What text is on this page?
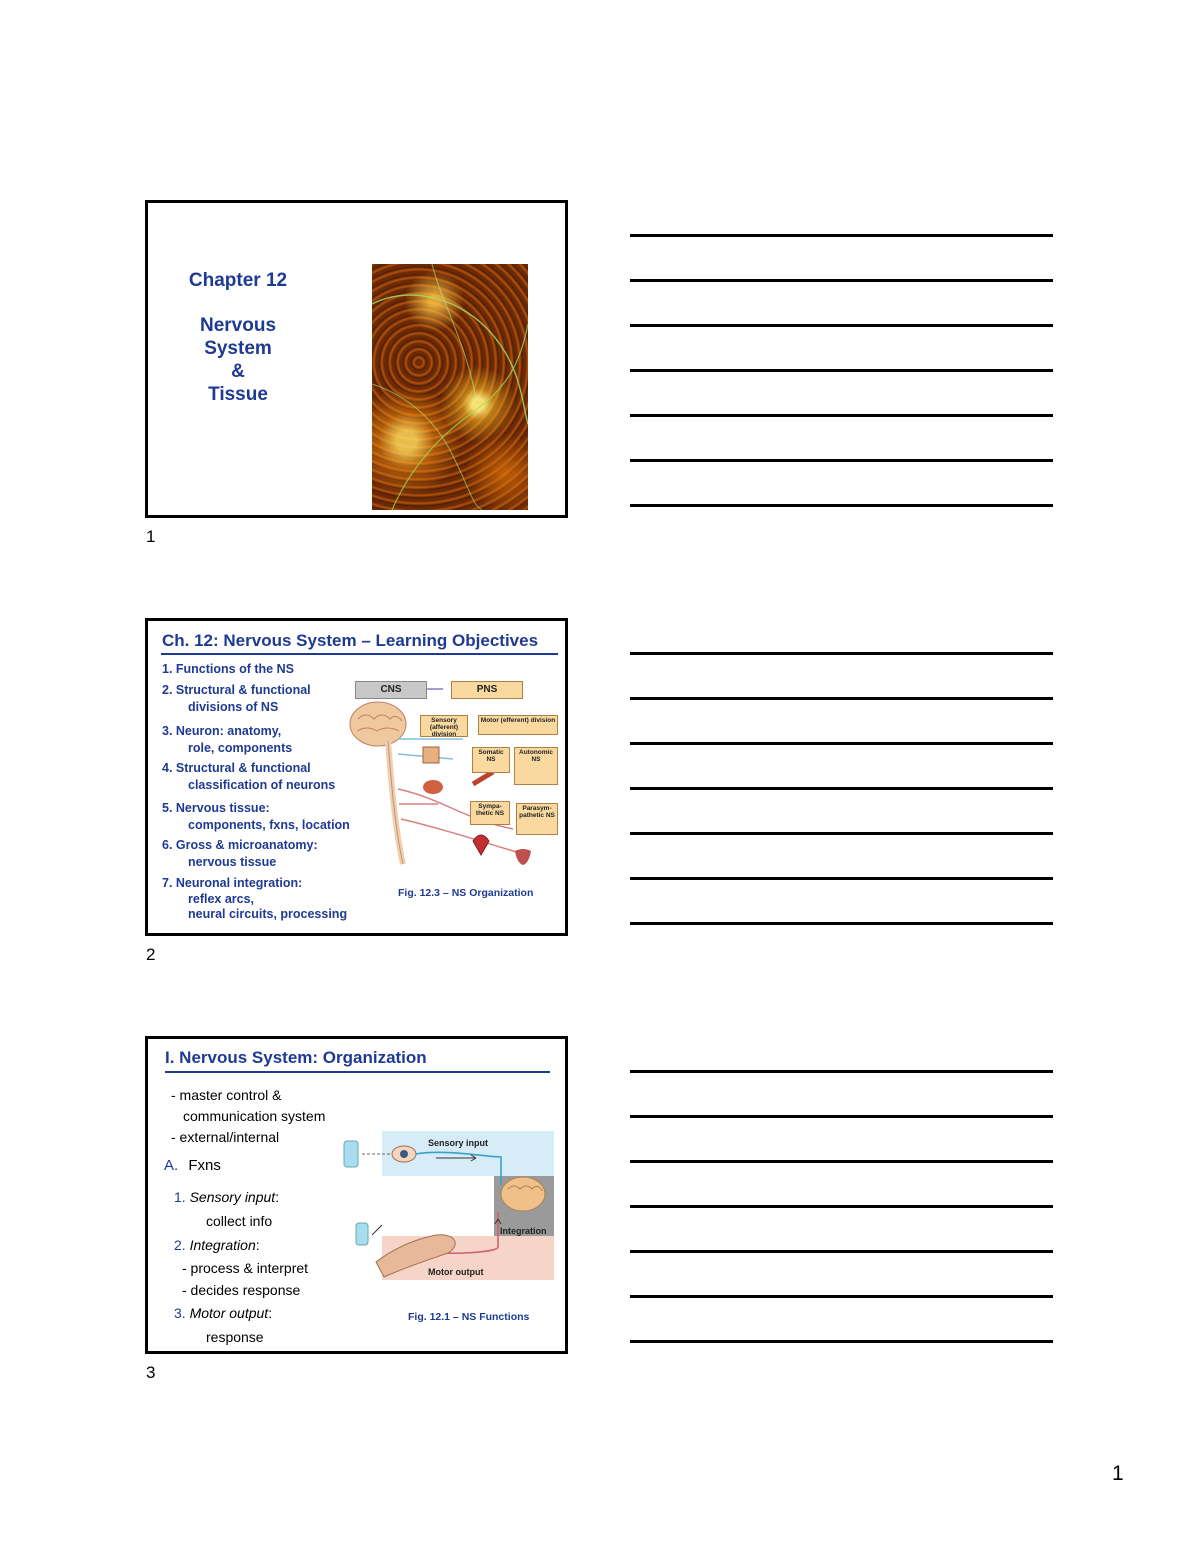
Chapter 12
Nervous
System
&
Tissue
1
Ch. 12: Nervous System – Learning Objectives
1. Functions of the NS
2. Structural & functional
divisions of NS
3. Neuron: anatomy,
role, components
4. Structural & functional
classification of neurons
5. Nervous tissue:
components, fxns, location
6. Gross & microanatomy:
nervous tissue
7. Neuronal integration:
reflex arcs,
neural circuits, processing
CNS	PNS
Sensory (afferent) division
Motor (efferent) division
Somatic NS
Autonomic NS
Sympa-thetic NS
Parasym-pathetic NS
Fig. 12.3 – NS Organization
2
I. Nervous System: Organization
- master control &
communication system
- external/internal
A. Fxns
1. Sensory input:
collect info
2. Integration:
- process & interpret
- decides response
3. Motor output:
response
Sensory input
Integration
Motor output
Fig. 12.1 – NS Functions
3
1
